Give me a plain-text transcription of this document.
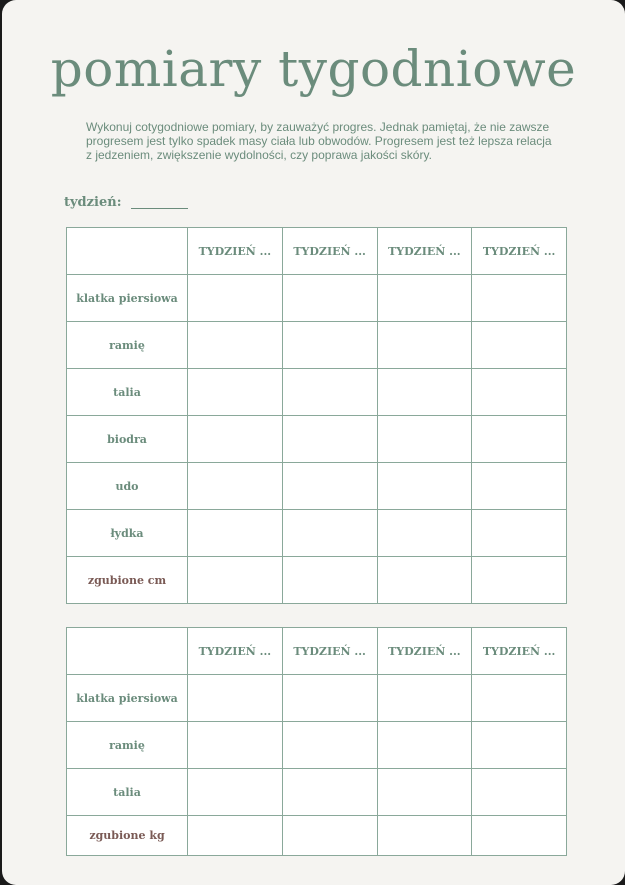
pomiary tygodniowe

Wykonuj cotygodniowe pomiary, by zauważyć progres. Jednak pamiętaj, że nie zawsze progresem jest tylko spadek masy ciała lub obwodów. Progresem jest też lepsza relacja z jedzeniem, zwiększenie wydolności, czy poprawa jakości skóry.

tydzień:
	TYDZIEŃ ...	TYDZIEŃ ...	TYDZIEŃ ...	TYDZIEŃ ...
klatka piersiowa				
ramię				
talia				
biodra				
udo				
łydka				
zgubione cm				
	TYDZIEŃ ...	TYDZIEŃ ...	TYDZIEŃ ...	TYDZIEŃ ...
klatka piersiowa				
ramię				
talia				
zgubione kg				
